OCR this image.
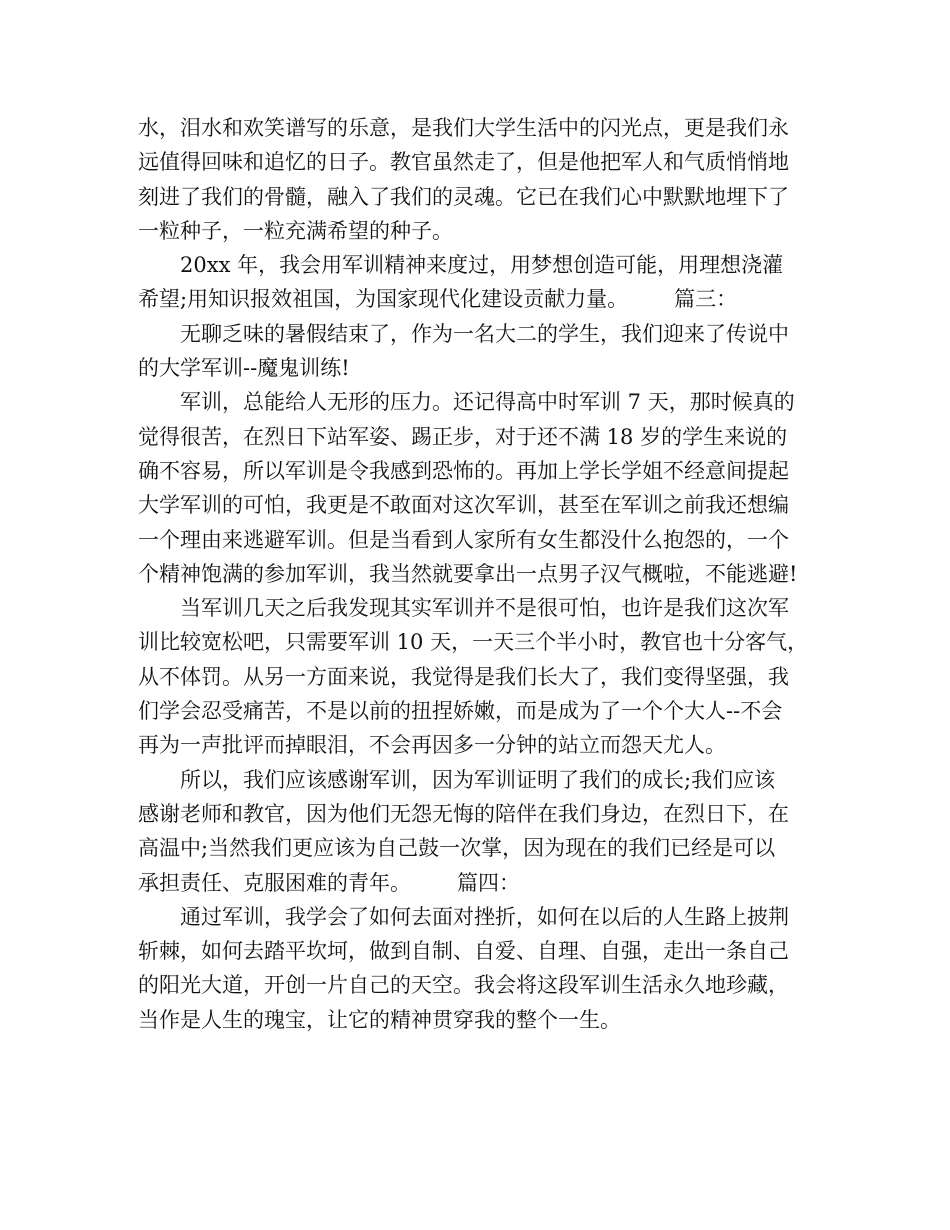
水，泪水和欢笑谱写的乐意，是我们大学生活中的闪光点，更是我们永
远值得回味和追忆的日子。教官虽然走了，但是他把军人和气质悄悄地
刻进了我们的骨髓，融入了我们的灵魂。它已在我们心中默默地埋下了
一粒种子，一粒充满希望的种子。
20xx 年，我会用军训精神来度过，用梦想创造可能，用理想浇灌
希望;用知识报效祖国，为国家现代化建设贡献力量。 篇三：
无聊乏味的暑假结束了，作为一名大二的学生，我们迎来了传说中
的大学军训--魔鬼训练!
军训，总能给人无形的压力。还记得高中时军训 7 天，那时候真的
觉得很苦，在烈日下站军姿、踢正步，对于还不满 18 岁的学生来说的
确不容易，所以军训是令我感到恐怖的。再加上学长学姐不经意间提起
大学军训的可怕，我更是不敢面对这次军训，甚至在军训之前我还想编
一个理由来逃避军训。但是当看到人家所有女生都没什么抱怨的，一个
个精神饱满的参加军训，我当然就要拿出一点男子汉气概啦，不能逃避!
当军训几天之后我发现其实军训并不是很可怕，也许是我们这次军
训比较宽松吧，只需要军训 10 天，一天三个半小时，教官也十分客气，
从不体罚。从另一方面来说，我觉得是我们长大了，我们变得坚强，我
们学会忍受痛苦，不是以前的扭捏娇嫩，而是成为了一个个大人--不会
再为一声批评而掉眼泪，不会再因多一分钟的站立而怨天尤人。
所以，我们应该感谢军训，因为军训证明了我们的成长;我们应该
感谢老师和教官，因为他们无怨无悔的陪伴在我们身边，在烈日下，在
高温中;当然我们更应该为自己鼓一次掌，因为现在的我们已经是可以
承担责任、克服困难的青年。 篇四：
通过军训，我学会了如何去面对挫折，如何在以后的人生路上披荆
斩棘，如何去踏平坎坷，做到自制、自爱、自理、自强，走出一条自己
的阳光大道，开创一片自己的天空。我会将这段军训生活永久地珍藏，
当作是人生的瑰宝，让它的精神贯穿我的整个一生。
